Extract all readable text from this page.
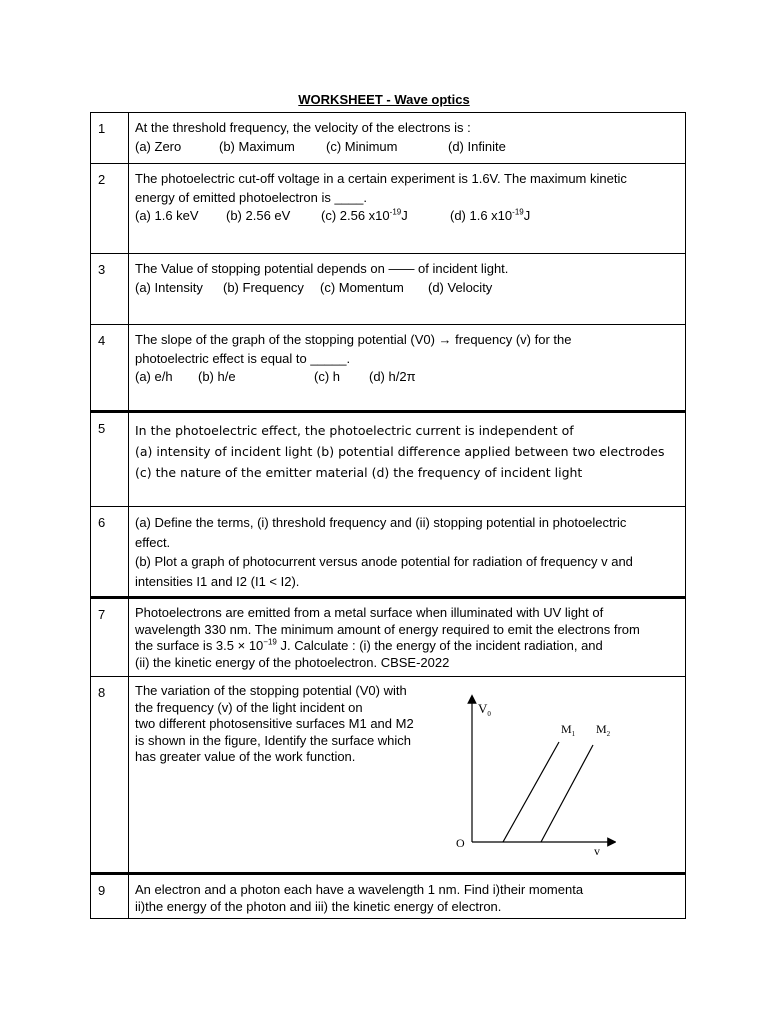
WORKSHEET - Wave optics
1	At the threshold frequency, the velocity of the electrons is :
(a) Zero	(b) Maximum (c) Minimum	(d) Infinite
2	The photoelectric cut-off voltage in a certain experiment is 1.6V. The maximum kinetic
energy of emitted photoelectron is ____.
(a) 1.6 keV (b) 2.56 eV (c) 2.56 $x10^{-19}J$	(d) 1.6 $x10^{-19}J$
3	The Value of stopping potential depends on —— of incident light.
(a) Intensity (b) Frequency (c) Momentum (d) Velocity
4	The slope of the graph of the stopping potential (V0) → frequency (v) for the
photoelectric effect is equal to _____.
(a) e/h (b) h/e	(c) h (d) h/2π
5	In the photoelectric effect, the photoelectric current is independent of
(a) intensity of incident light (b) potential difference applied between two electrodes
(c) the nature of the emitter material (d) the frequency of incident light
6	(a) Define the terms, (i) threshold frequency and (ii) stopping potential in photoelectric
effect.
(b) Plot a graph of photocurrent versus anode potential for radiation of frequency v and
intensities I1 and I2 (I1 < I2).
7	Photoelectrons are emitted from a metal surface when illuminated with UV light of
wavelength 330 nm. The minimum amount of energy required to emit the electrons from
the surface is $3.5 \times 10^{-19}$ J. Calculate : (i) the energy of the incident radiation, and
(ii) the kinetic energy of the photoelectron. CBSE-2022
8	The variation of the stopping potential (V0) with
the frequency (v) of the light incident on
two different photosensitive surfaces M1 and M2
is shown in the figure, Identify the surface which
has greater value of the work function.
$V_0$
v
O
$M_1$ $M_2$
9	An electron and a photon each have a wavelength 1 nm. Find i)their momenta
ii)the energy of the photon and iii) the kinetic energy of electron.
